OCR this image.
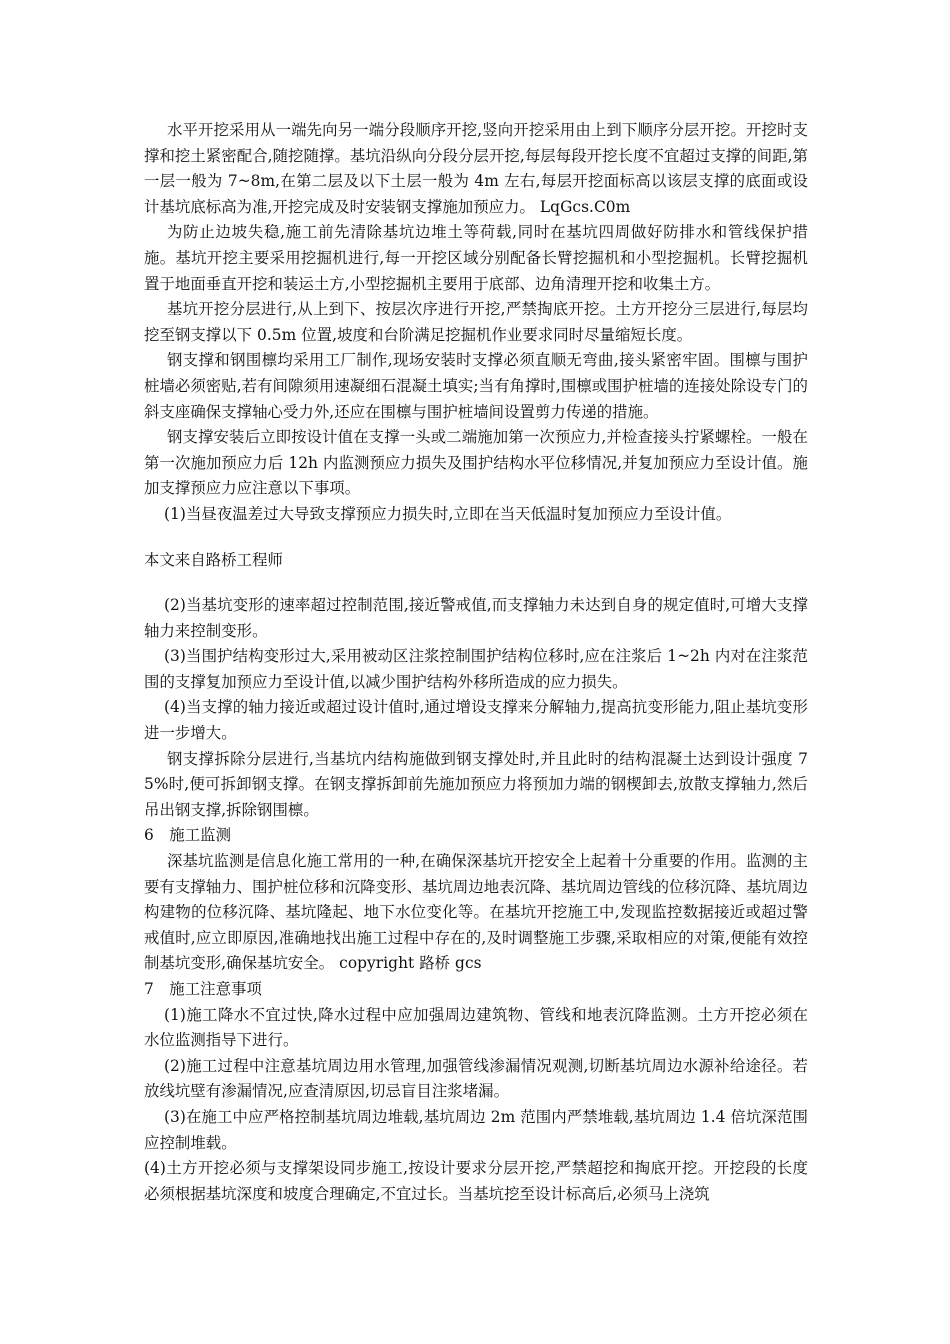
水平开挖采用从一端先向另一端分段顺序开挖,竖向开挖采用由上到下顺序分层开挖。开挖时支撑和挖土紧密配合,随挖随撑。基坑沿纵向分段分层开挖,每层每段开挖长度不宜超过支撑的间距,第一层一般为 7~8m,在第二层及以下土层一般为 4m 左右,每层开挖面标高以该层支撑的底面或设计基坑底标高为准,开挖完成及时安装钢支撑施加预应力。 LqGcs.C0m

为防止边坡失稳,施工前先清除基坑边堆土等荷载,同时在基坑四周做好防排水和管线保护措施。基坑开挖主要采用挖掘机进行,每一开挖区域分别配备长臂挖掘机和小型挖掘机。长臂挖掘机置于地面垂直开挖和装运土方,小型挖掘机主要用于底部、边角清理开挖和收集土方。

基坑开挖分层进行,从上到下、按层次序进行开挖,严禁掏底开挖。土方开挖分三层进行,每层均挖至钢支撑以下 0.5m 位置,坡度和台阶满足挖掘机作业要求同时尽量缩短长度。

钢支撑和钢围檩均采用工厂制作,现场安装时支撑必须直顺无弯曲,接头紧密牢固。围檩与围护桩墙必须密贴,若有间隙须用速凝细石混凝土填实;当有角撑时,围檩或围护桩墙的连接处除设专门的斜支座确保支撑轴心受力外,还应在围檩与围护桩墙间设置剪力传递的措施。

钢支撑安装后立即按设计值在支撑一头或二端施加第一次预应力,并检查接头拧紧螺栓。一般在第一次施加预应力后 12h 内监测预应力损失及围护结构水平位移情况,并复加预应力至设计值。施加支撑预应力应注意以下事项。

(1)当昼夜温差过大导致支撑预应力损失时,立即在当天低温时复加预应力至设计值。

本文来自路桥工程师

(2)当基坑变形的速率超过控制范围,接近警戒值,而支撑轴力未达到自身的规定值时,可增大支撑轴力来控制变形。

(3)当围护结构变形过大,采用被动区注浆控制围护结构位移时,应在注浆后 1~2h 内对在注浆范围的支撑复加预应力至设计值,以减少围护结构外移所造成的应力损失。

(4)当支撑的轴力接近或超过设计值时,通过增设支撑来分解轴力,提高抗变形能力,阻止基坑变形进一步增大。

钢支撑拆除分层进行,当基坑内结构施做到钢支撑处时,并且此时的结构混凝土达到设计强度 75%时,便可拆卸钢支撑。在钢支撑拆卸前先施加预应力将预加力端的钢楔卸去,放散支撑轴力,然后吊出钢支撑,拆除钢围檩。

6　施工监测

深基坑监测是信息化施工常用的一种,在确保深基坑开挖安全上起着十分重要的作用。监测的主要有支撑轴力、围护桩位移和沉降变形、基坑周边地表沉降、基坑周边管线的位移沉降、基坑周边构建物的位移沉降、基坑隆起、地下水位变化等。在基坑开挖施工中,发现监控数据接近或超过警戒值时,应立即原因,准确地找出施工过程中存在的,及时调整施工步骤,采取相应的对策,便能有效控制基坑变形,确保基坑安全。 copyright 路桥 gcs

7　施工注意事项

(1)施工降水不宜过快,降水过程中应加强周边建筑物、管线和地表沉降监测。土方开挖必须在水位监测指导下进行。

(2)施工过程中注意基坑周边用水管理,加强管线渗漏情况观测,切断基坑周边水源补给途径。若放线坑壁有渗漏情况,应查清原因,切忌盲目注浆堵漏。

(3)在施工中应严格控制基坑周边堆载,基坑周边 2m 范围内严禁堆载,基坑周边 1.4 倍坑深范围应控制堆载。

(4)土方开挖必须与支撑架设同步施工,按设计要求分层开挖,严禁超挖和掏底开挖。开挖段的长度必须根据基坑深度和坡度合理确定,不宜过长。当基坑挖至设计标高后,必须马上浇筑
